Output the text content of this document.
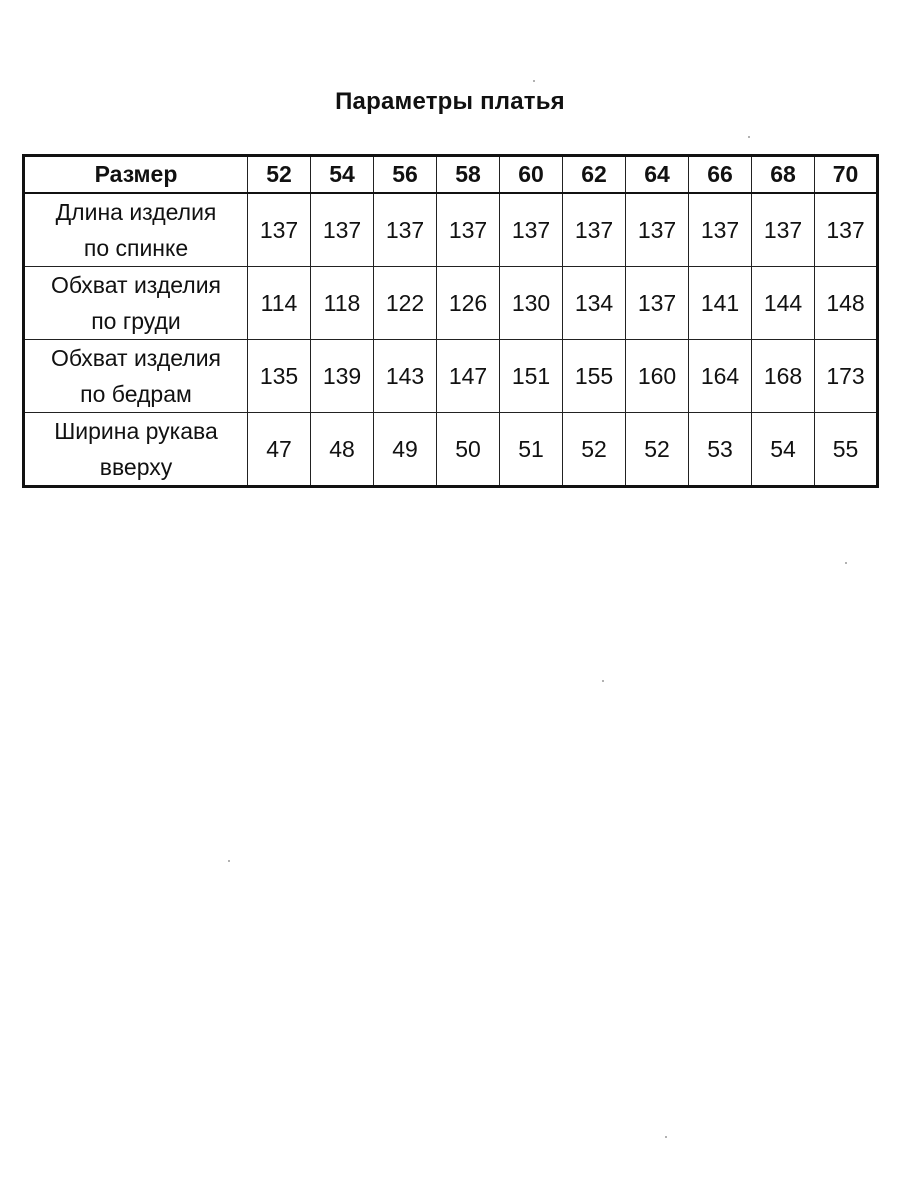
Параметры платья
Размер	52	54	56	58	60	62	64	66	68	70
Длина изделия
по спинке	137	137	137	137	137	137	137	137	137	137
Обхват изделия
по груди	114	118	122	126	130	134	137	141	144	148
Обхват изделия
по бедрам	135	139	143	147	151	155	160	164	168	173
Ширина рукава
вверху	47	48	49	50	51	52	52	53	54	55
